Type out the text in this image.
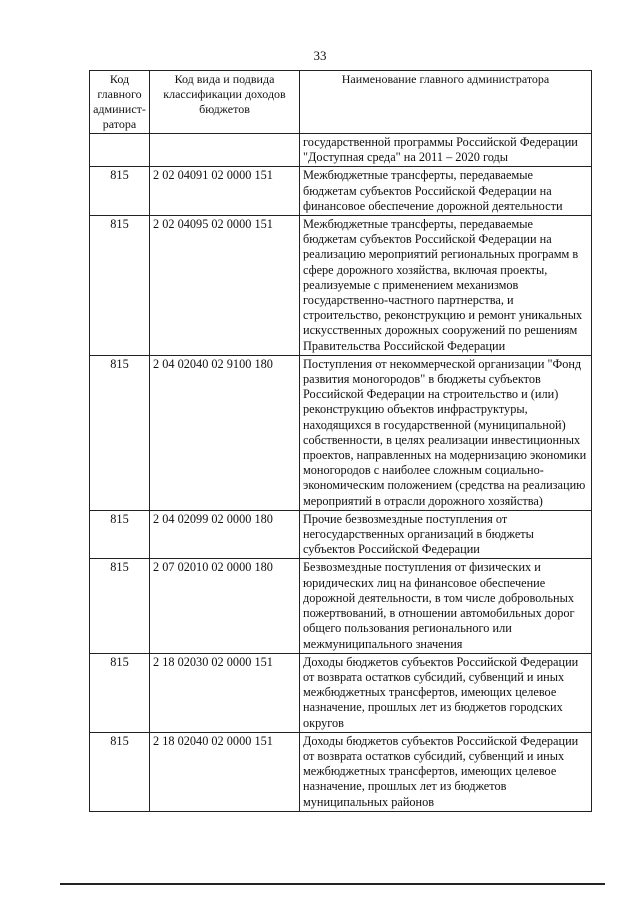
33
Код главного админист-ратора	Код вида и подвида классификации доходов бюджетов	Наименование главного администратора
		государственной программы Российской Федерации "Доступная среда" на 2011 – 2020 годы
815	2 02 04091 02 0000 151	Межбюджетные трансферты, передаваемые бюджетам субъектов Российской Федерации на финансовое обеспечение дорожной деятельности
815	2 02 04095 02 0000 151	Межбюджетные трансферты, передаваемые бюджетам субъектов Российской Федерации на реализацию мероприятий региональных программ в сфере дорожного хозяйства, включая проекты, реализуемые с применением механизмов государственно-частного партнерства, и строительство, реконструкцию и ремонт уникальных искусственных дорожных сооружений по решениям Правительства Российской Федерации
815	2 04 02040 02 9100 180	Поступления от некоммерческой организации "Фонд развития моногородов" в бюджеты субъектов Российской Федерации на строительство и (или) реконструкцию объектов инфраструктуры, находящихся в государственной (муниципальной) собственности, в целях реализации инвестиционных проектов, направленных на модернизацию экономики моногородов с наиболее сложным социально-экономическим положением (средства на реализацию мероприятий в отрасли дорожного хозяйства)
815	2 04 02099 02 0000 180	Прочие безвозмездные поступления от негосударственных организаций в бюджеты субъектов Российской Федерации
815	2 07 02010 02 0000 180	Безвозмездные поступления от физических и юридических лиц на финансовое обеспечение дорожной деятельности, в том числе добровольных пожертвований, в отношении автомобильных дорог общего пользования регионального или межмуниципального значения
815	2 18 02030 02 0000 151	Доходы бюджетов субъектов Российской Федерации от возврата остатков субсидий, субвенций и иных межбюджетных трансфертов, имеющих целевое назначение, прошлых лет из бюджетов городских округов
815	2 18 02040 02 0000 151	Доходы бюджетов субъектов Российской Федерации от возврата остатков субсидий, субвенций и иных межбюджетных трансфертов, имеющих целевое назначение, прошлых лет из бюджетов муниципальных районов
